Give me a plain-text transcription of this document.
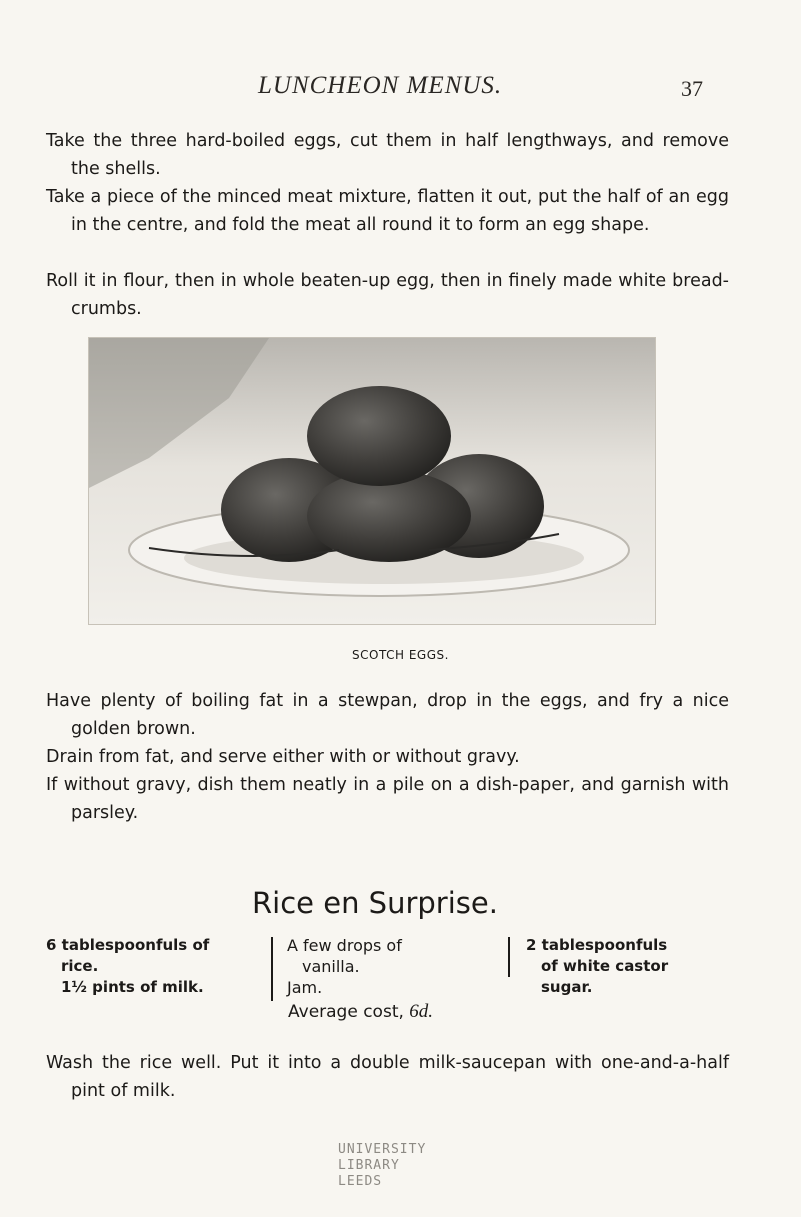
LUNCHEON MENUS.	37
Take the three hard-boiled eggs, cut them in half lengthways, and remove the shells.
Take a piece of the minced meat mixture, flatten it out, put the half of an egg in the centre, and fold the meat all round it to form an egg shape.
Roll it in flour, then in whole beaten-up egg, then in finely made white bread-crumbs.
SCOTCH EGGS.
Have plenty of boiling fat in a stewpan, drop in the eggs, and fry a nice golden brown.
Drain from fat, and serve either with or without gravy.
If without gravy, dish them neatly in a pile on a dish-paper, and garnish with parsley.
Rice en Surprise.
6 tablespoonfuls of
rice.
1½ pints of milk.
A few drops of
vanilla.
Jam.
2 tablespoonfuls
of white castor
sugar.
Average cost, 6d.
Wash the rice well. Put it into a double milk-saucepan with one-and-a-half pint of milk.
UNIVERSITY
LIBRARY
LEEDS
